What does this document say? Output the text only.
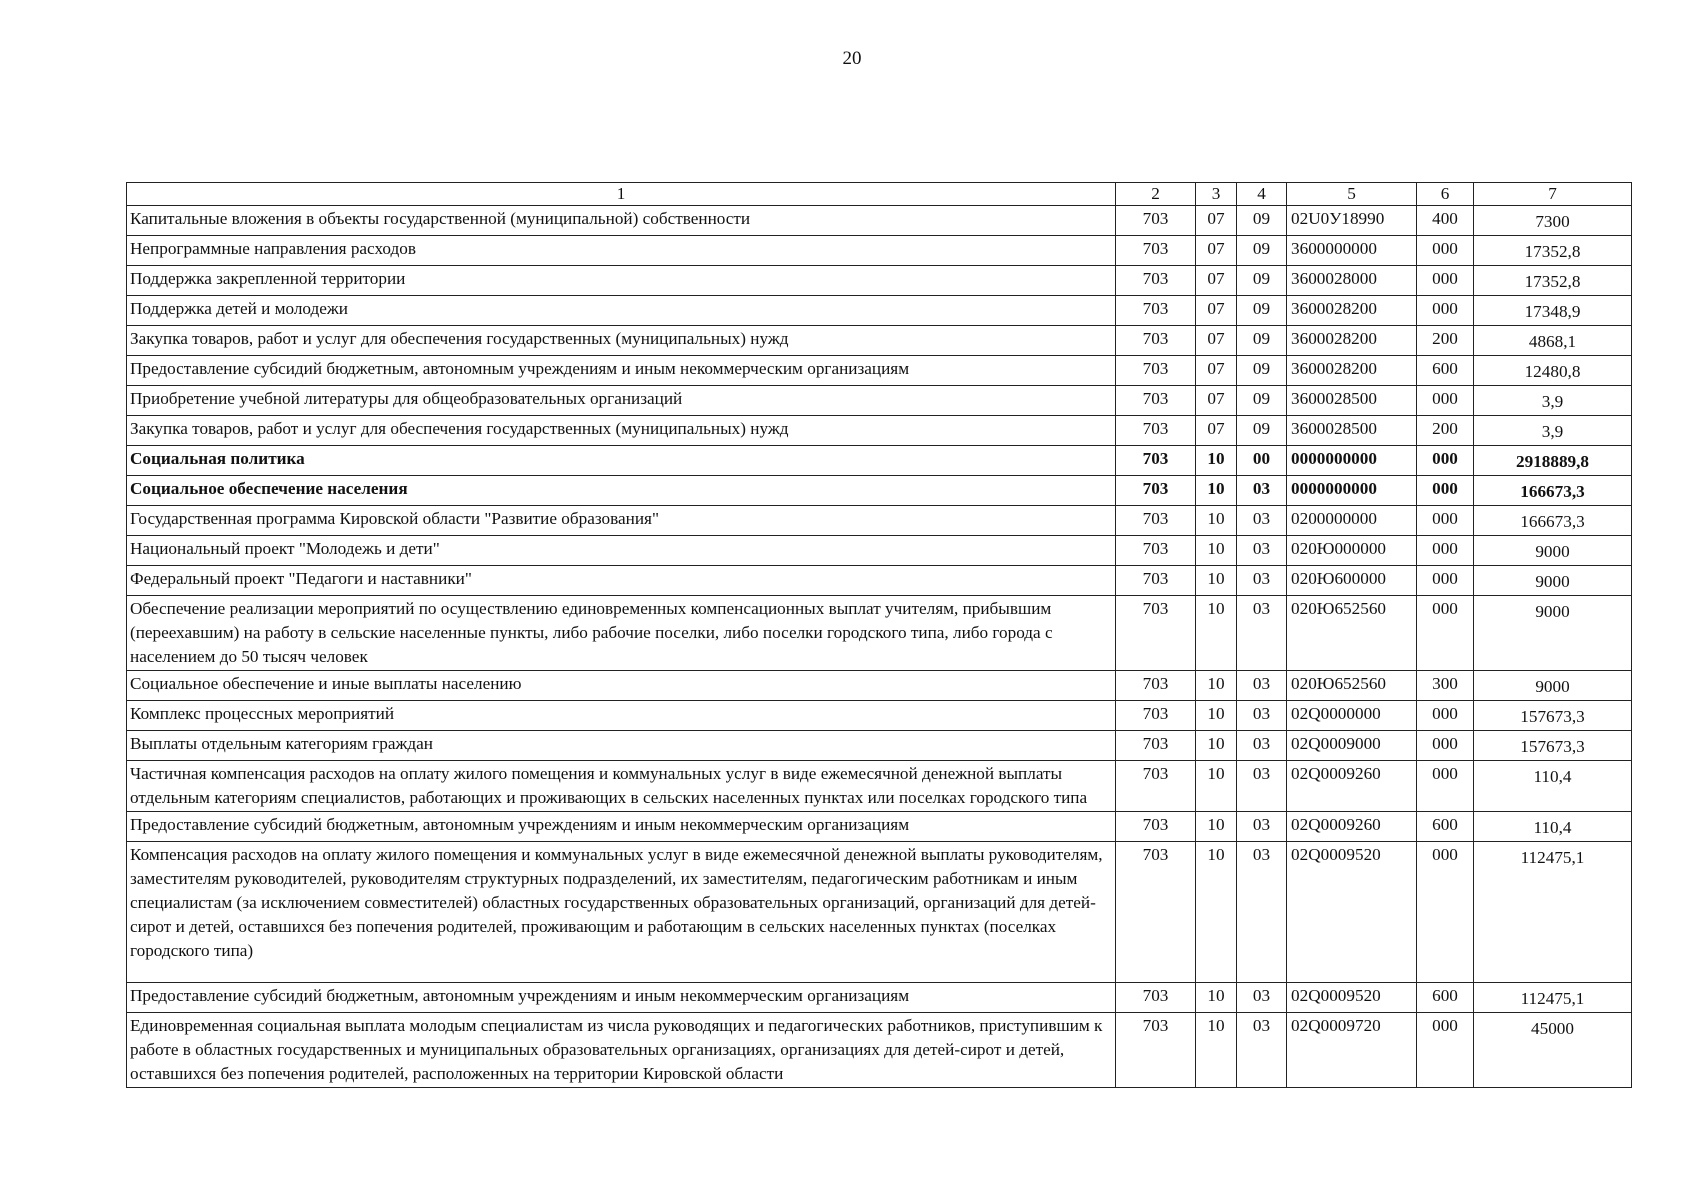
20
1	2	3	4	5	6	7
Капитальные вложения в объекты государственной (муниципальной) собственности	703	07	09	02U0У18990	400	7300
Непрограммные направления расходов	703	07	09	3600000000	000	17352,8
Поддержка закрепленной территории	703	07	09	3600028000	000	17352,8
Поддержка детей и молодежи	703	07	09	3600028200	000	17348,9
Закупка товаров, работ и услуг для обеспечения государственных (муниципальных) нужд	703	07	09	3600028200	200	4868,1
Предоставление субсидий бюджетным, автономным учреждениям и иным некоммерческим организациям	703	07	09	3600028200	600	12480,8
Приобретение учебной литературы для общеобразовательных организаций	703	07	09	3600028500	000	3,9
Закупка товаров, работ и услуг для обеспечения государственных (муниципальных) нужд	703	07	09	3600028500	200	3,9
Социальная политика	703	10	00	0000000000	000	2918889,8
Социальное обеспечение населения	703	10	03	0000000000	000	166673,3
Государственная программа Кировской области "Развитие образования"	703	10	03	0200000000	000	166673,3
Национальный проект "Молодежь и дети"	703	10	03	020Ю000000	000	9000
Федеральный проект "Педагоги и наставники"	703	10	03	020Ю600000	000	9000
Обеспечение реализации мероприятий по осуществлению единовременных компенсационных выплат учителям, прибывшим (переехавшим) на работу в сельские населенные пункты, либо рабочие поселки, либо поселки городского типа, либо города с населением до 50 тысяч человек	703	10	03	020Ю652560	000	9000
Социальное обеспечение и иные выплаты населению	703	10	03	020Ю652560	300	9000
Комплекс процессных мероприятий	703	10	03	02Q0000000	000	157673,3
Выплаты отдельным категориям граждан	703	10	03	02Q0009000	000	157673,3
Частичная компенсация расходов на оплату жилого помещения и коммунальных услуг в виде ежемесячной денежной выплаты отдельным категориям специалистов, работающих и проживающих в сельских населенных пунктах или поселках городского типа	703	10	03	02Q0009260	000	110,4
Предоставление субсидий бюджетным, автономным учреждениям и иным некоммерческим организациям	703	10	03	02Q0009260	600	110,4
Компенсация расходов на оплату жилого помещения и коммунальных услуг в виде ежемесячной денежной выплаты руководителям, заместителям руководителей, руководителям структурных подразделений, их заместителям, педагогическим работникам и иным специалистам (за исключением совместителей) областных государственных образовательных организаций, организаций для детей-сирот и детей, оставшихся без попечения родителей, проживающим и работающим в сельских населенных пунктах (поселках городского типа)	703	10	03	02Q0009520	000	112475,1
Предоставление субсидий бюджетным, автономным учреждениям и иным некоммерческим организациям	703	10	03	02Q0009520	600	112475,1
Единовременная социальная выплата молодым специалистам из числа руководящих и педагогических работников, приступившим к работе в областных государственных и муниципальных образовательных организациях, организациях для детей-сирот и детей, оставшихся без попечения родителей, расположенных на территории Кировской области	703	10	03	02Q0009720	000	45000
